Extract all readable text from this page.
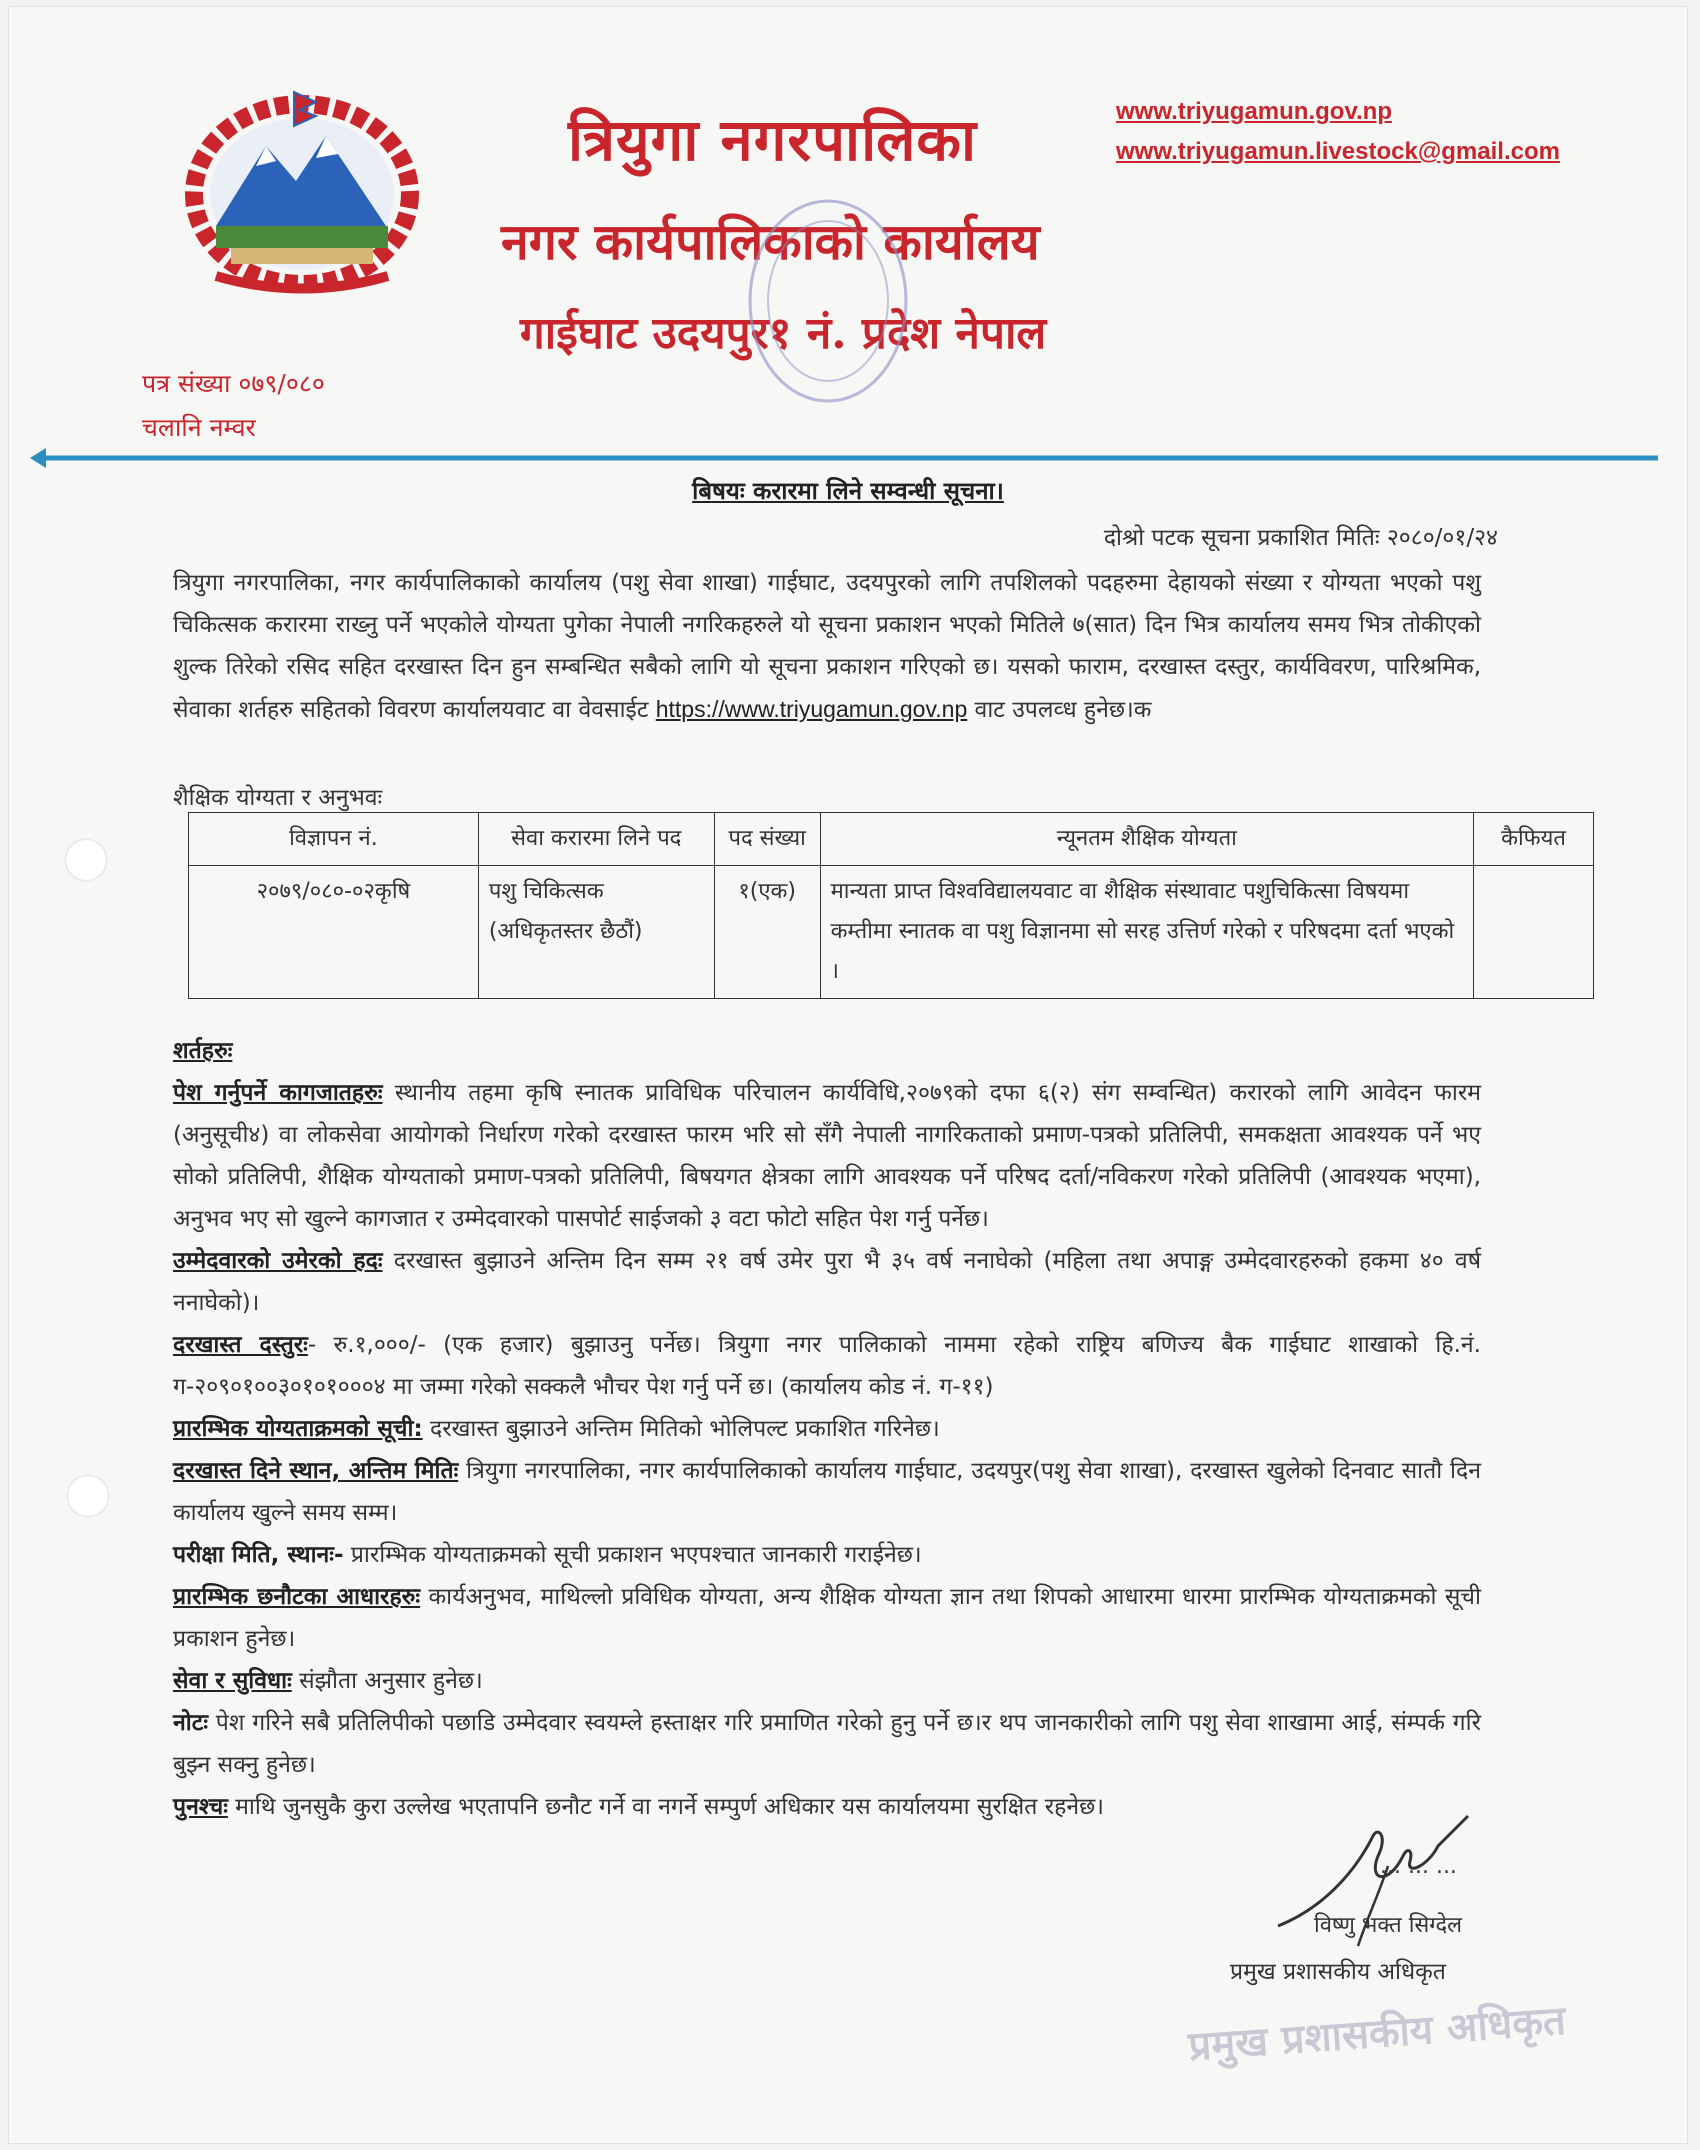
त्रियुगा नगरपालिका
नगर कार्यपालिकाको कार्यालय
गाईघाट उदयपुर१ नं. प्रदेश नेपाल
www.triyugamun.gov.np
www.triyugamun.livestock@gmail.com
पत्र संख्या ०७९/०८०
चलानि नम्वर
बिषयः करारमा लिने सम्वन्धी सूचना।
दोश्रो पटक सूचना प्रकाशित मितिः २०८०/०१/२४
त्रियुगा नगरपालिका, नगर कार्यपालिकाको कार्यालय (पशु सेवा शाखा) गाईघाट, उदयपुरको लागि तपशिलको पदहरुमा देहायको संख्या र योग्यता भएको पशु चिकित्सक करारमा राख्नु पर्ने भएकोले योग्यता पुगेका नेपाली नगरिकहरुले यो सूचना प्रकाशन भएको मितिले ७(सात) दिन भित्र कार्यालय समय भित्र तोकीएको शुल्क तिरेको रसिद सहित दरखास्त दिन हुन सम्बन्धित सबैको लागि यो सूचना प्रकाशन गरिएको छ। यसको फाराम, दरखास्त दस्तुर, कार्यविवरण, पारिश्रमिक, सेवाका शर्तहरु सहितको विवरण कार्यालयवाट वा वेवसाईट https://www.triyugamun.gov.np वाट उपलव्ध हुनेछ।क
शैक्षिक योग्यता र अनुभवः
विज्ञापन नं.	सेवा करारमा लिने पद	पद संख्या	न्यूनतम शैक्षिक योग्यता	कैफियत
२०७९/०८०-०२कृषि	पशु चिकित्सक (अधिकृतस्तर छैठौं)	१(एक)	मान्यता प्राप्त विश्वविद्यालयवाट वा शैक्षिक संस्थावाट पशुचिकित्सा विषयमा कम्तीमा स्नातक वा पशु विज्ञानमा सो सरह उत्तिर्ण गरेको र परिषदमा दर्ता भएको ।	

शर्तहरुः

पेश गर्नुपर्ने कागजातहरुः स्थानीय तहमा कृषि स्नातक प्राविधिक परिचालन कार्यविधि,२०७९को दफा ६(२) संग सम्वन्धित) करारको लागि आवेदन फारम (अनुसूची४) वा लोकसेवा आयोगको निर्धारण गरेको दरखास्त फारम भरि सो सँगै नेपाली नागरिकताको प्रमाण-पत्रको प्रतिलिपी, समकक्षता आवश्यक पर्ने भए सोको प्रतिलिपी, शैक्षिक योग्यताको प्रमाण-पत्रको प्रतिलिपी, बिषयगत क्षेत्रका लागि आवश्यक पर्ने परिषद दर्ता/नविकरण गरेको प्रतिलिपी (आवश्यक भएमा), अनुभव भए सो खुल्ने कागजात र उम्मेदवारको पासपोर्ट साईजको ३ वटा फोटो सहित पेश गर्नु पर्नेछ।

उम्मेदवारको उमेरको हदः दरखास्त बुझाउने अन्तिम दिन सम्म २१ वर्ष उमेर पुरा भै ३५ वर्ष ननाघेको (महिला तथा अपाङ्ग उम्मेदवारहरुको हकमा ४० वर्ष ननाघेको)।

दरखास्त दस्तुरः- रु.१,०००/- (एक हजार) बुझाउनु पर्नेछ। त्रियुगा नगर पालिकाको नाममा रहेको राष्ट्रिय बणिज्य बैक गाईघाट शाखाको हि.नं. ग-२०९०१००३०१०१०००४ मा जम्मा गरेको सक्कलै भौचर पेश गर्नु पर्ने छ। (कार्यालय कोड नं. ग-११)

प्रारम्भिक योग्यताक्रमको सूची: दरखास्त बुझाउने अन्तिम मितिको भोलिपल्ट प्रकाशित गरिनेछ।

दरखास्त दिने स्थान, अन्तिम मितिः त्रियुगा नगरपालिका, नगर कार्यपालिकाको कार्यालय गाईघाट, उदयपुर(पशु सेवा शाखा), दरखास्त खुलेको दिनवाट सातौ दिन कार्यालय खुल्ने समय सम्म।

परीक्षा मिति, स्थानः- प्रारम्भिक योग्यताक्रमको सूची प्रकाशन भएपश्चात जानकारी गराईनेछ।

प्रारम्भिक छनौटका आधारहरुः कार्यअनुभव, माथिल्लो प्रविधिक योग्यता, अन्य शैक्षिक योग्यता ज्ञान तथा शिपको आधारमा धारमा प्रारम्भिक योग्यताक्रमको सूची प्रकाशन हुनेछ।

सेवा र सुविधाः संझौता अनुसार हुनेछ।

नोटः पेश गरिने सबै प्रतिलिपीको पछाडि उम्मेदवार स्वयम्ले हस्ताक्षर गरि प्रमाणित गरेको हुनु पर्ने छ।र थप जानकारीको लागि पशु सेवा शाखामा आई, संम्पर्क गरि बुझ्न सक्नु हुनेछ।

पुनश्चः माथि जुनसुकै कुरा उल्लेख भएतापनि छनौट गर्ने वा नगर्ने सम्पुर्ण अधिकार यस कार्यालयमा सुरक्षित रहनेछ।

... ... ...
विष्णु भक्त सिग्देल
प्रमुख प्रशासकीय अधिकृत
प्रमुख प्रशासकीय अधिकृत
